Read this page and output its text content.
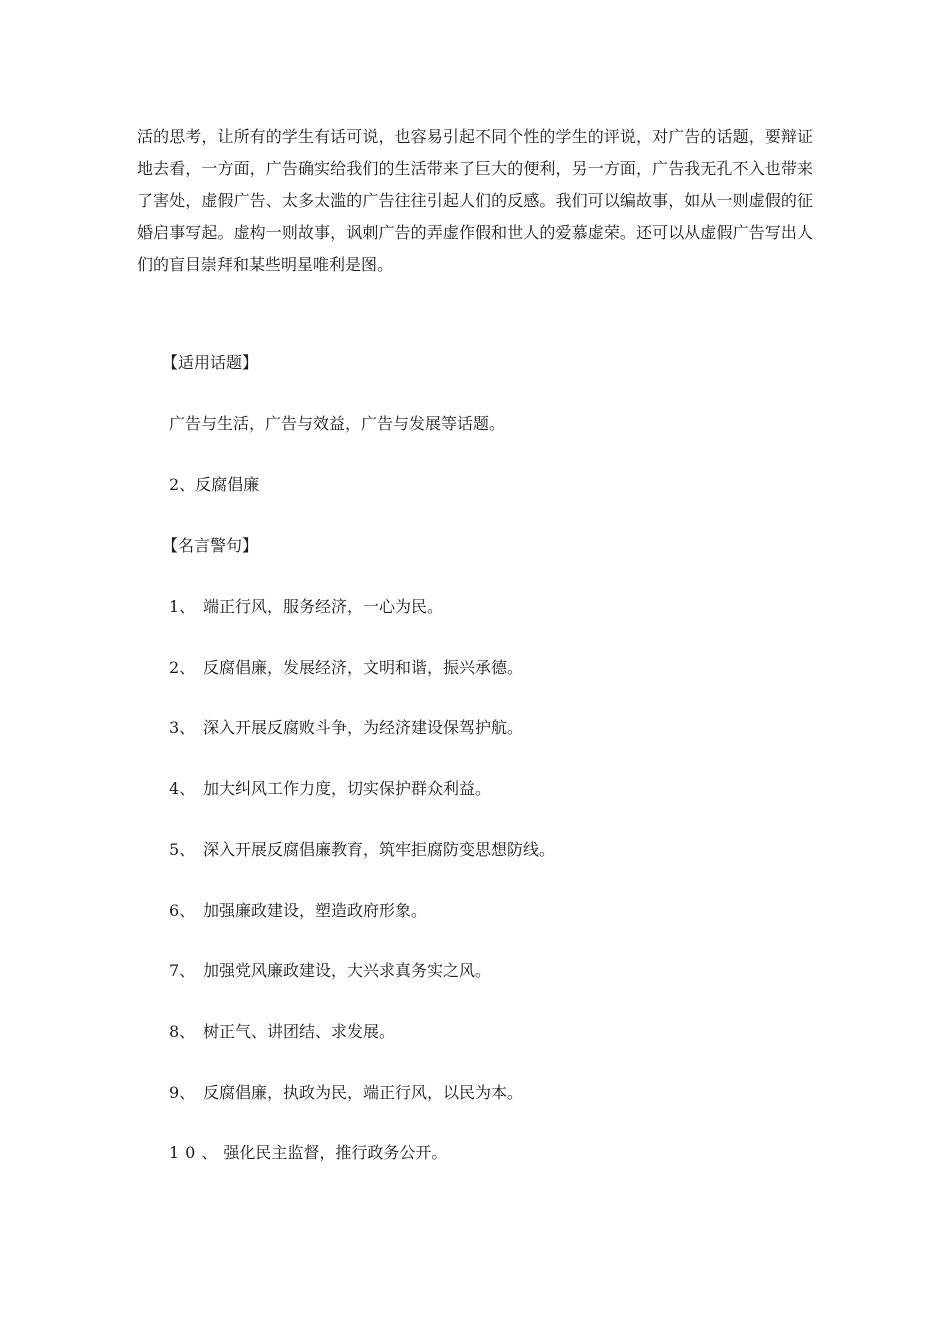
活的思考，让所有的学生有话可说，也容易引起不同个性的学生的评说，对广告的话题，要辩证地去看，一方面，广告确实给我们的生活带来了巨大的便利，另一方面，广告我无孔不入也带来了害处，虚假广告、太多太滥的广告往往引起人们的反感。我们可以编故事，如从一则虚假的征婚启事写起。虚构一则故事，讽刺广告的弄虚作假和世人的爱慕虚荣。还可以从虚假广告写出人们的盲目崇拜和某些明星唯利是图。

【适用话题】

广告与生活，广告与效益，广告与发展等话题。

2、反腐倡廉

【名言警句】

1、 端正行风，服务经济，一心为民。

2、 反腐倡廉，发展经济，文明和谐，振兴承德。

3、 深入开展反腐败斗争，为经济建设保驾护航。

4、 加大纠风工作力度，切实保护群众利益。

5、 深入开展反腐倡廉教育，筑牢拒腐防变思想防线。

6、 加强廉政建设，塑造政府形象。

7、 加强党风廉政建设，大兴求真务实之风。

8、 树正气、讲团结、求发展。

9、 反腐倡廉，执政为民，端正行风，以民为本。

10、强化民主监督，推行政务公开。
